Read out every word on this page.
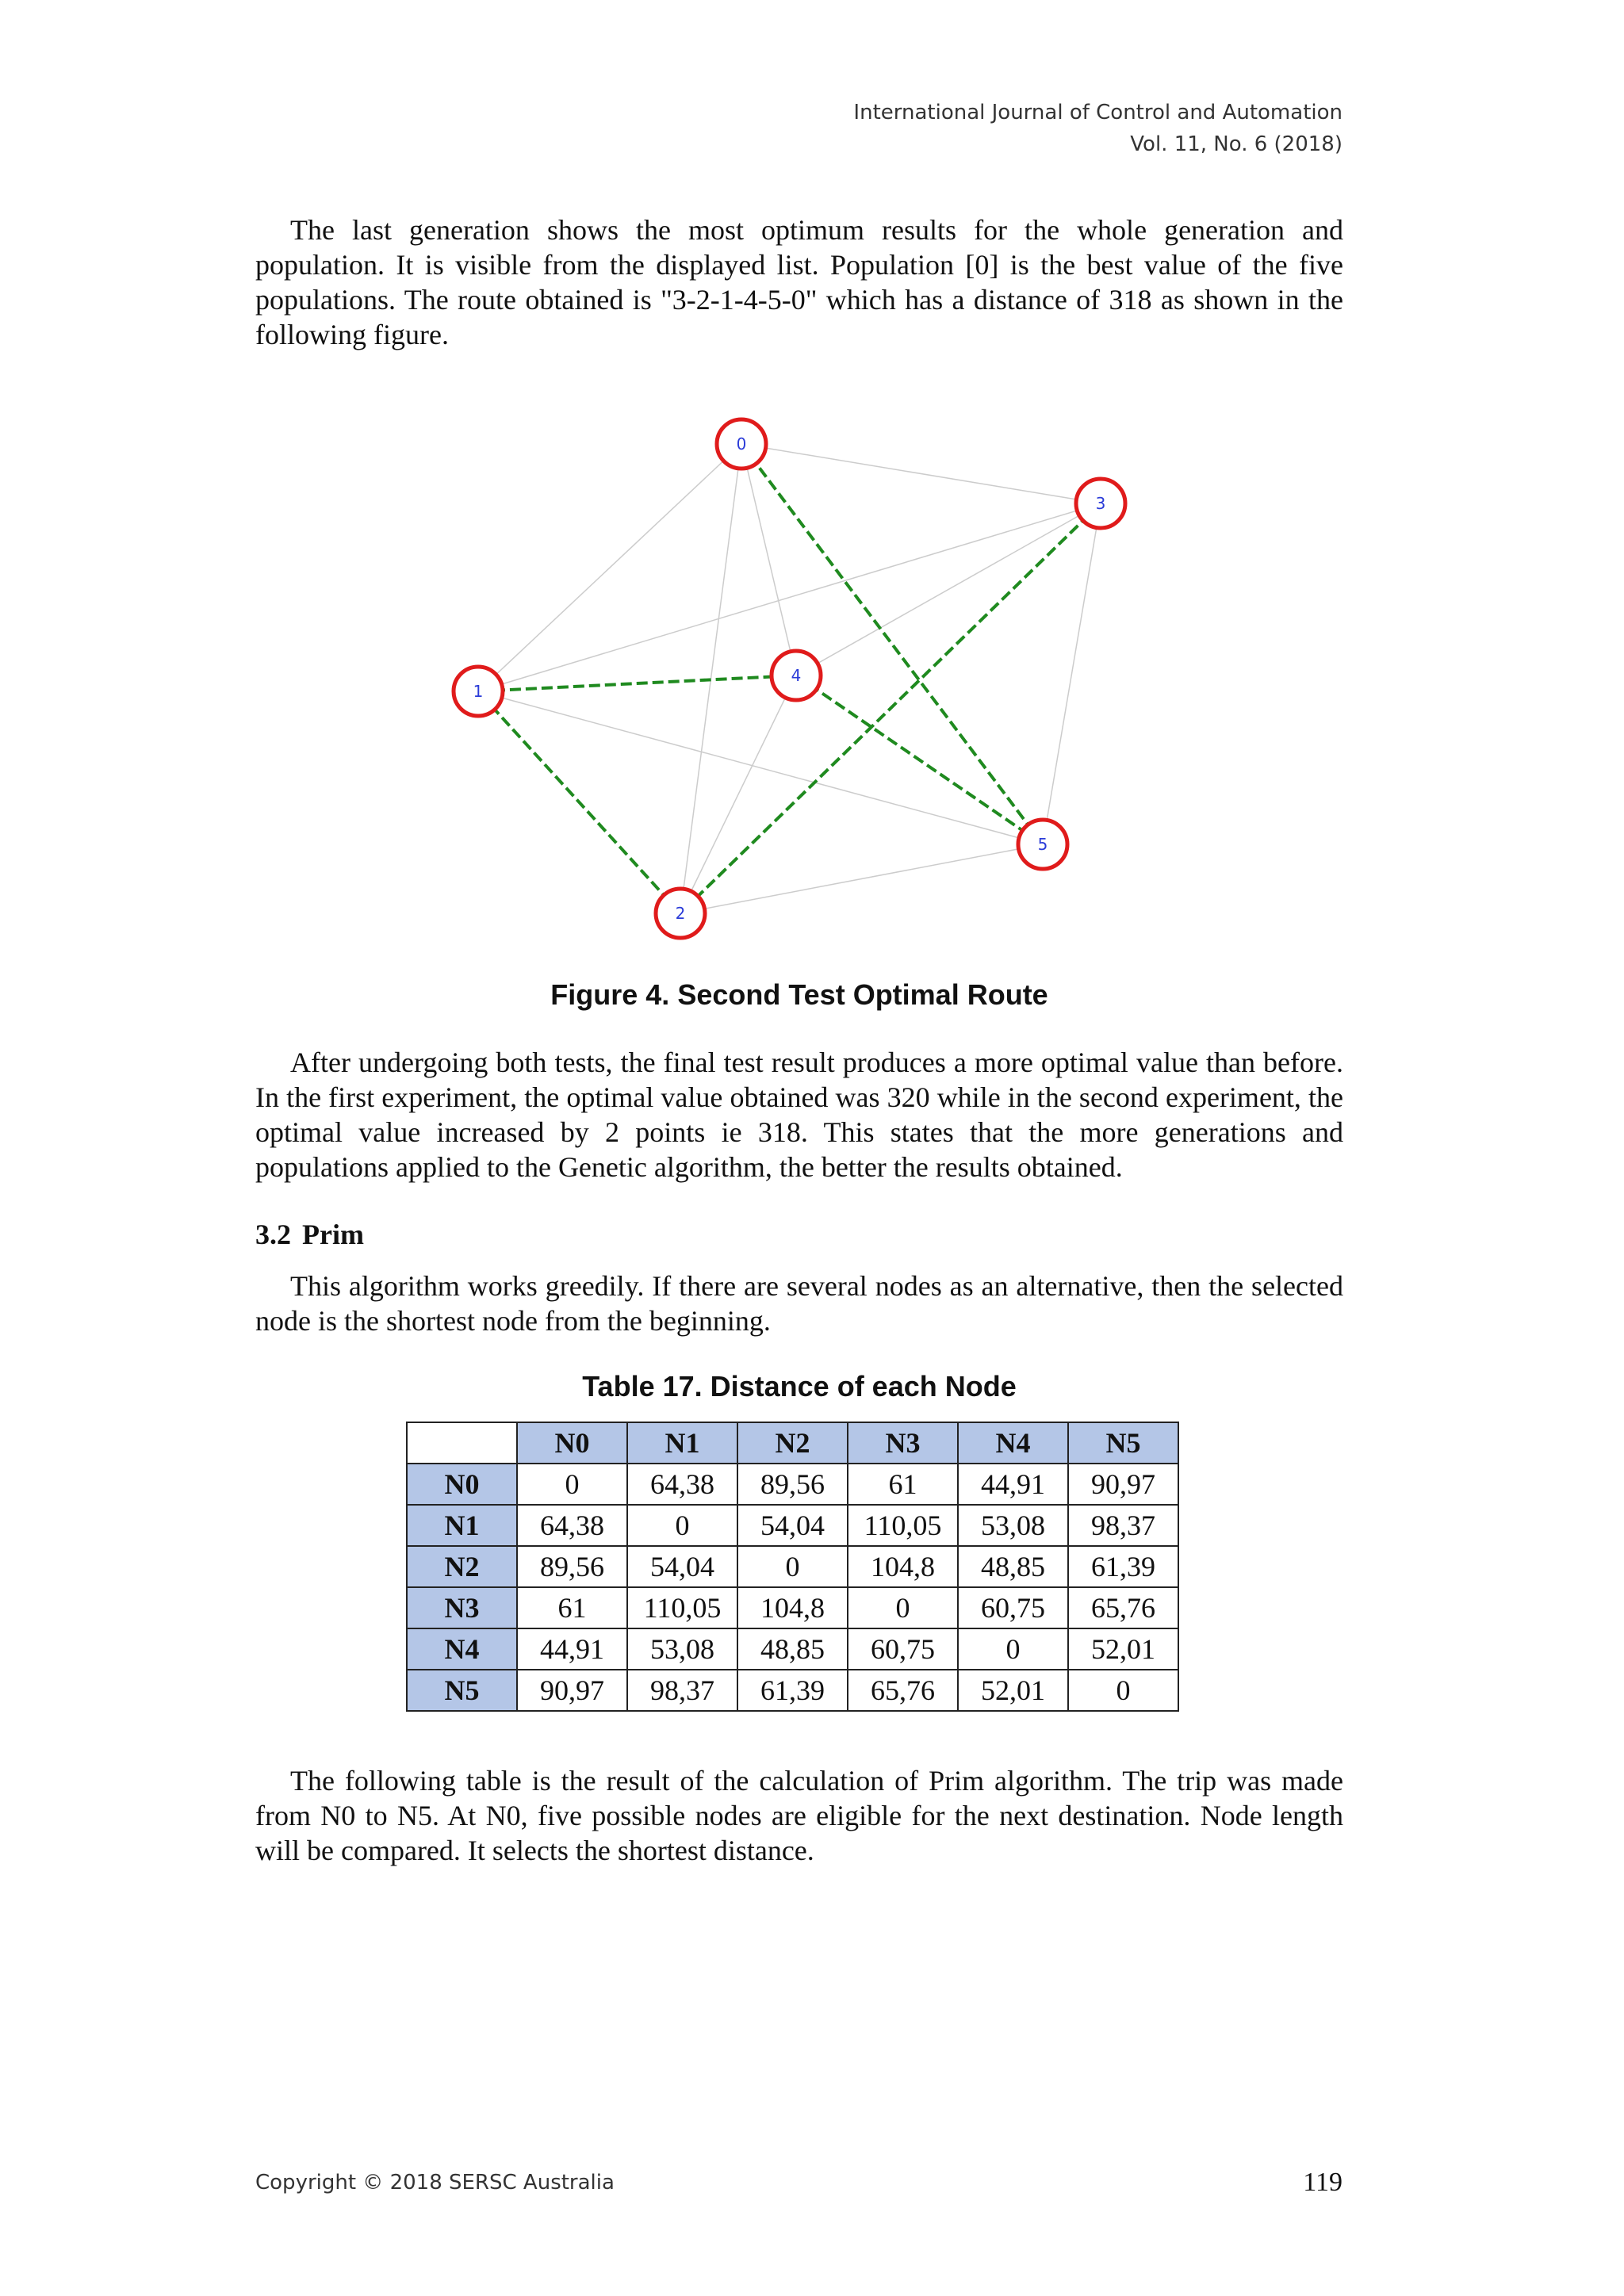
International Journal of Control and Automation
Vol. 11, No. 6 (2018)

The last generation shows the most optimum results for the whole generation and population. It is visible from the displayed list. Population [0] is the best value of the five populations. The route obtained is "3-2-1-4-5-0" which has a distance of 318 as shown in the following figure.

0
1
2
3
4
5

Figure 4. Second Test Optimal Route

After undergoing both tests, the final test result produces a more optimal value than before. In the first experiment, the optimal value obtained was 320 while in the second experiment, the optimal value increased by 2 points ie 318. This states that the more generations and populations applied to the Genetic algorithm, the better the results obtained.

3.2 Prim

This algorithm works greedily. If there are several nodes as an alternative, then the selected node is the shortest node from the beginning.

Table 17. Distance of each Node

	N0	N1	N2	N3	N4	N5
N0	0	64,38	89,56	61	44,91	90,97
N1	64,38	0	54,04	110,05	53,08	98,37
N2	89,56	54,04	0	104,8	48,85	61,39
N3	61	110,05	104,8	0	60,75	65,76
N4	44,91	53,08	48,85	60,75	0	52,01
N5	90,97	98,37	61,39	65,76	52,01	0

The following table is the result of the calculation of Prim algorithm. The trip was made from N0 to N5. At N0, five possible nodes are eligible for the next destination. Node length will be compared. It selects the shortest distance.

Copyright © 2018 SERSC Australia	119
